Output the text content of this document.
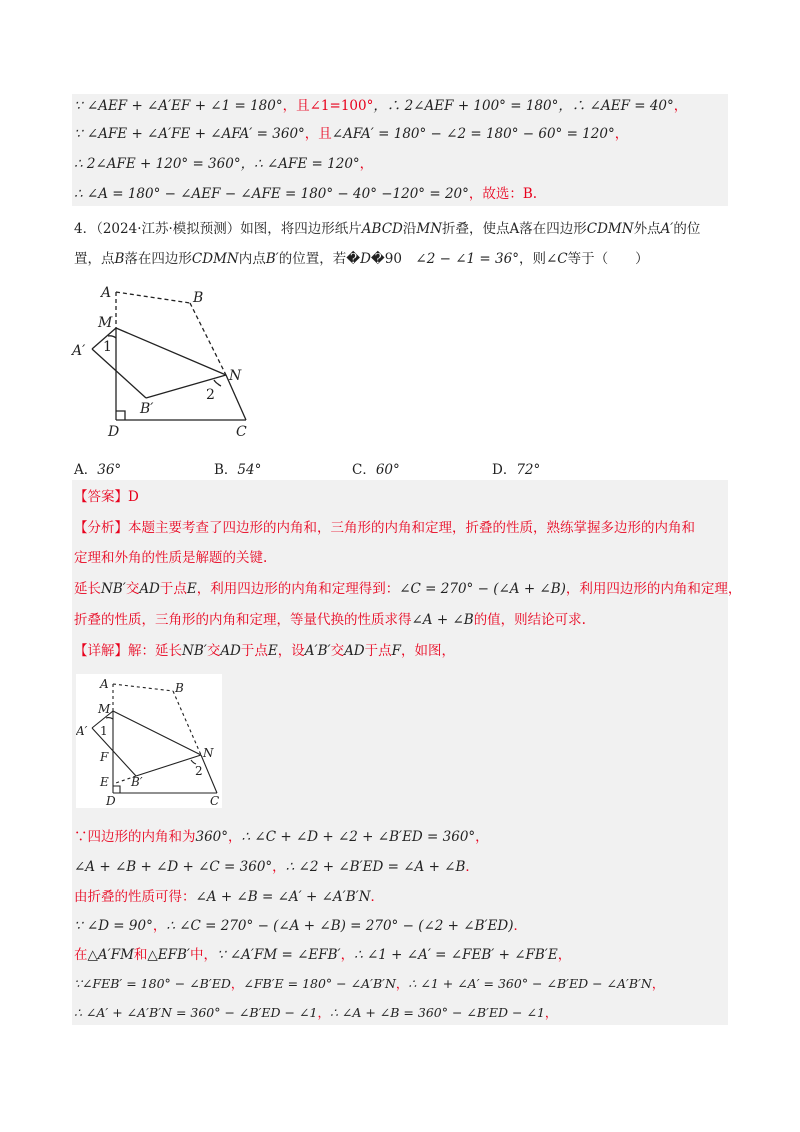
∵ ∠AEF + ∠A′EF + ∠1 = 180°，且∠1=100°，∴ 2∠AEF + 100° = 180°，∴ ∠AEF = 40°，
∵ ∠AFE + ∠A′FE + ∠AFA′ = 360°，且∠AFA′ = 180° − ∠2 = 180° − 60° = 120°，
∴ 2∠AFE + 120° = 360°，∴ ∠AFE = 120°，
∴ ∠A = 180° − ∠AEF − ∠AFE = 180° − 40° −120° = 20°，故选：B.
4．（2024·江苏·模拟预测）如图，将四边形纸片ABCD沿MN折叠，使点A落在四边形CDMN外点A′的位
置，点B落在四边形CDMN内点B′的位置，若�D�90　 ∠2 − ∠1 = 36°，则∠C等于（　　）
A	B
M
A′ 1
N
2
B′
D	C
A．36°	B．54°	C．60°	D．72°
【答案】D
【分析】本题主要考查了四边形的内角和，三角形的内角和定理，折叠的性质，熟练掌握多边形的内角和
定理和外角的性质是解题的关键.
延长NB′交AD于点E，利用四边形的内角和定理得到：∠C = 270° − (∠A + ∠B)，利用四边形的内角和定理，
折叠的性质，三角形的内角和定理，等量代换的性质求得∠A + ∠B的值，则结论可求.
【详解】解：延长NB′交AD于点E，设A′B′交AD于点F，如图，
A	B
M
A′ 1
F	N
2
B′
E
D	C
∵四边形的内角和为360°，∴ ∠C + ∠D + ∠2 + ∠B′ED = 360°，
∠A + ∠B + ∠D + ∠C = 360°，∴ ∠2 + ∠B′ED = ∠A + ∠B．
由折叠的性质可得：∠A + ∠B = ∠A′ + ∠A′B′N．
∵ ∠D = 90°，∴ ∠C = 270° − (∠A + ∠B) = 270° − (∠2 + ∠B′ED)．
在△A′FM和△EFB′中，∵ ∠A′FM = ∠EFB′，∴ ∠1 + ∠A′ = ∠FEB′ + ∠FB′E，
∵∠FEB′ = 180° − ∠B′ED，∠FB′E = 180° − ∠A′B′N，∴ ∠1 + ∠A′ = 360° − ∠B′ED − ∠A′B′N，
∴ ∠A′ + ∠A′B′N = 360° − ∠B′ED − ∠1，∴ ∠A + ∠B = 360° − ∠B′ED − ∠1，
